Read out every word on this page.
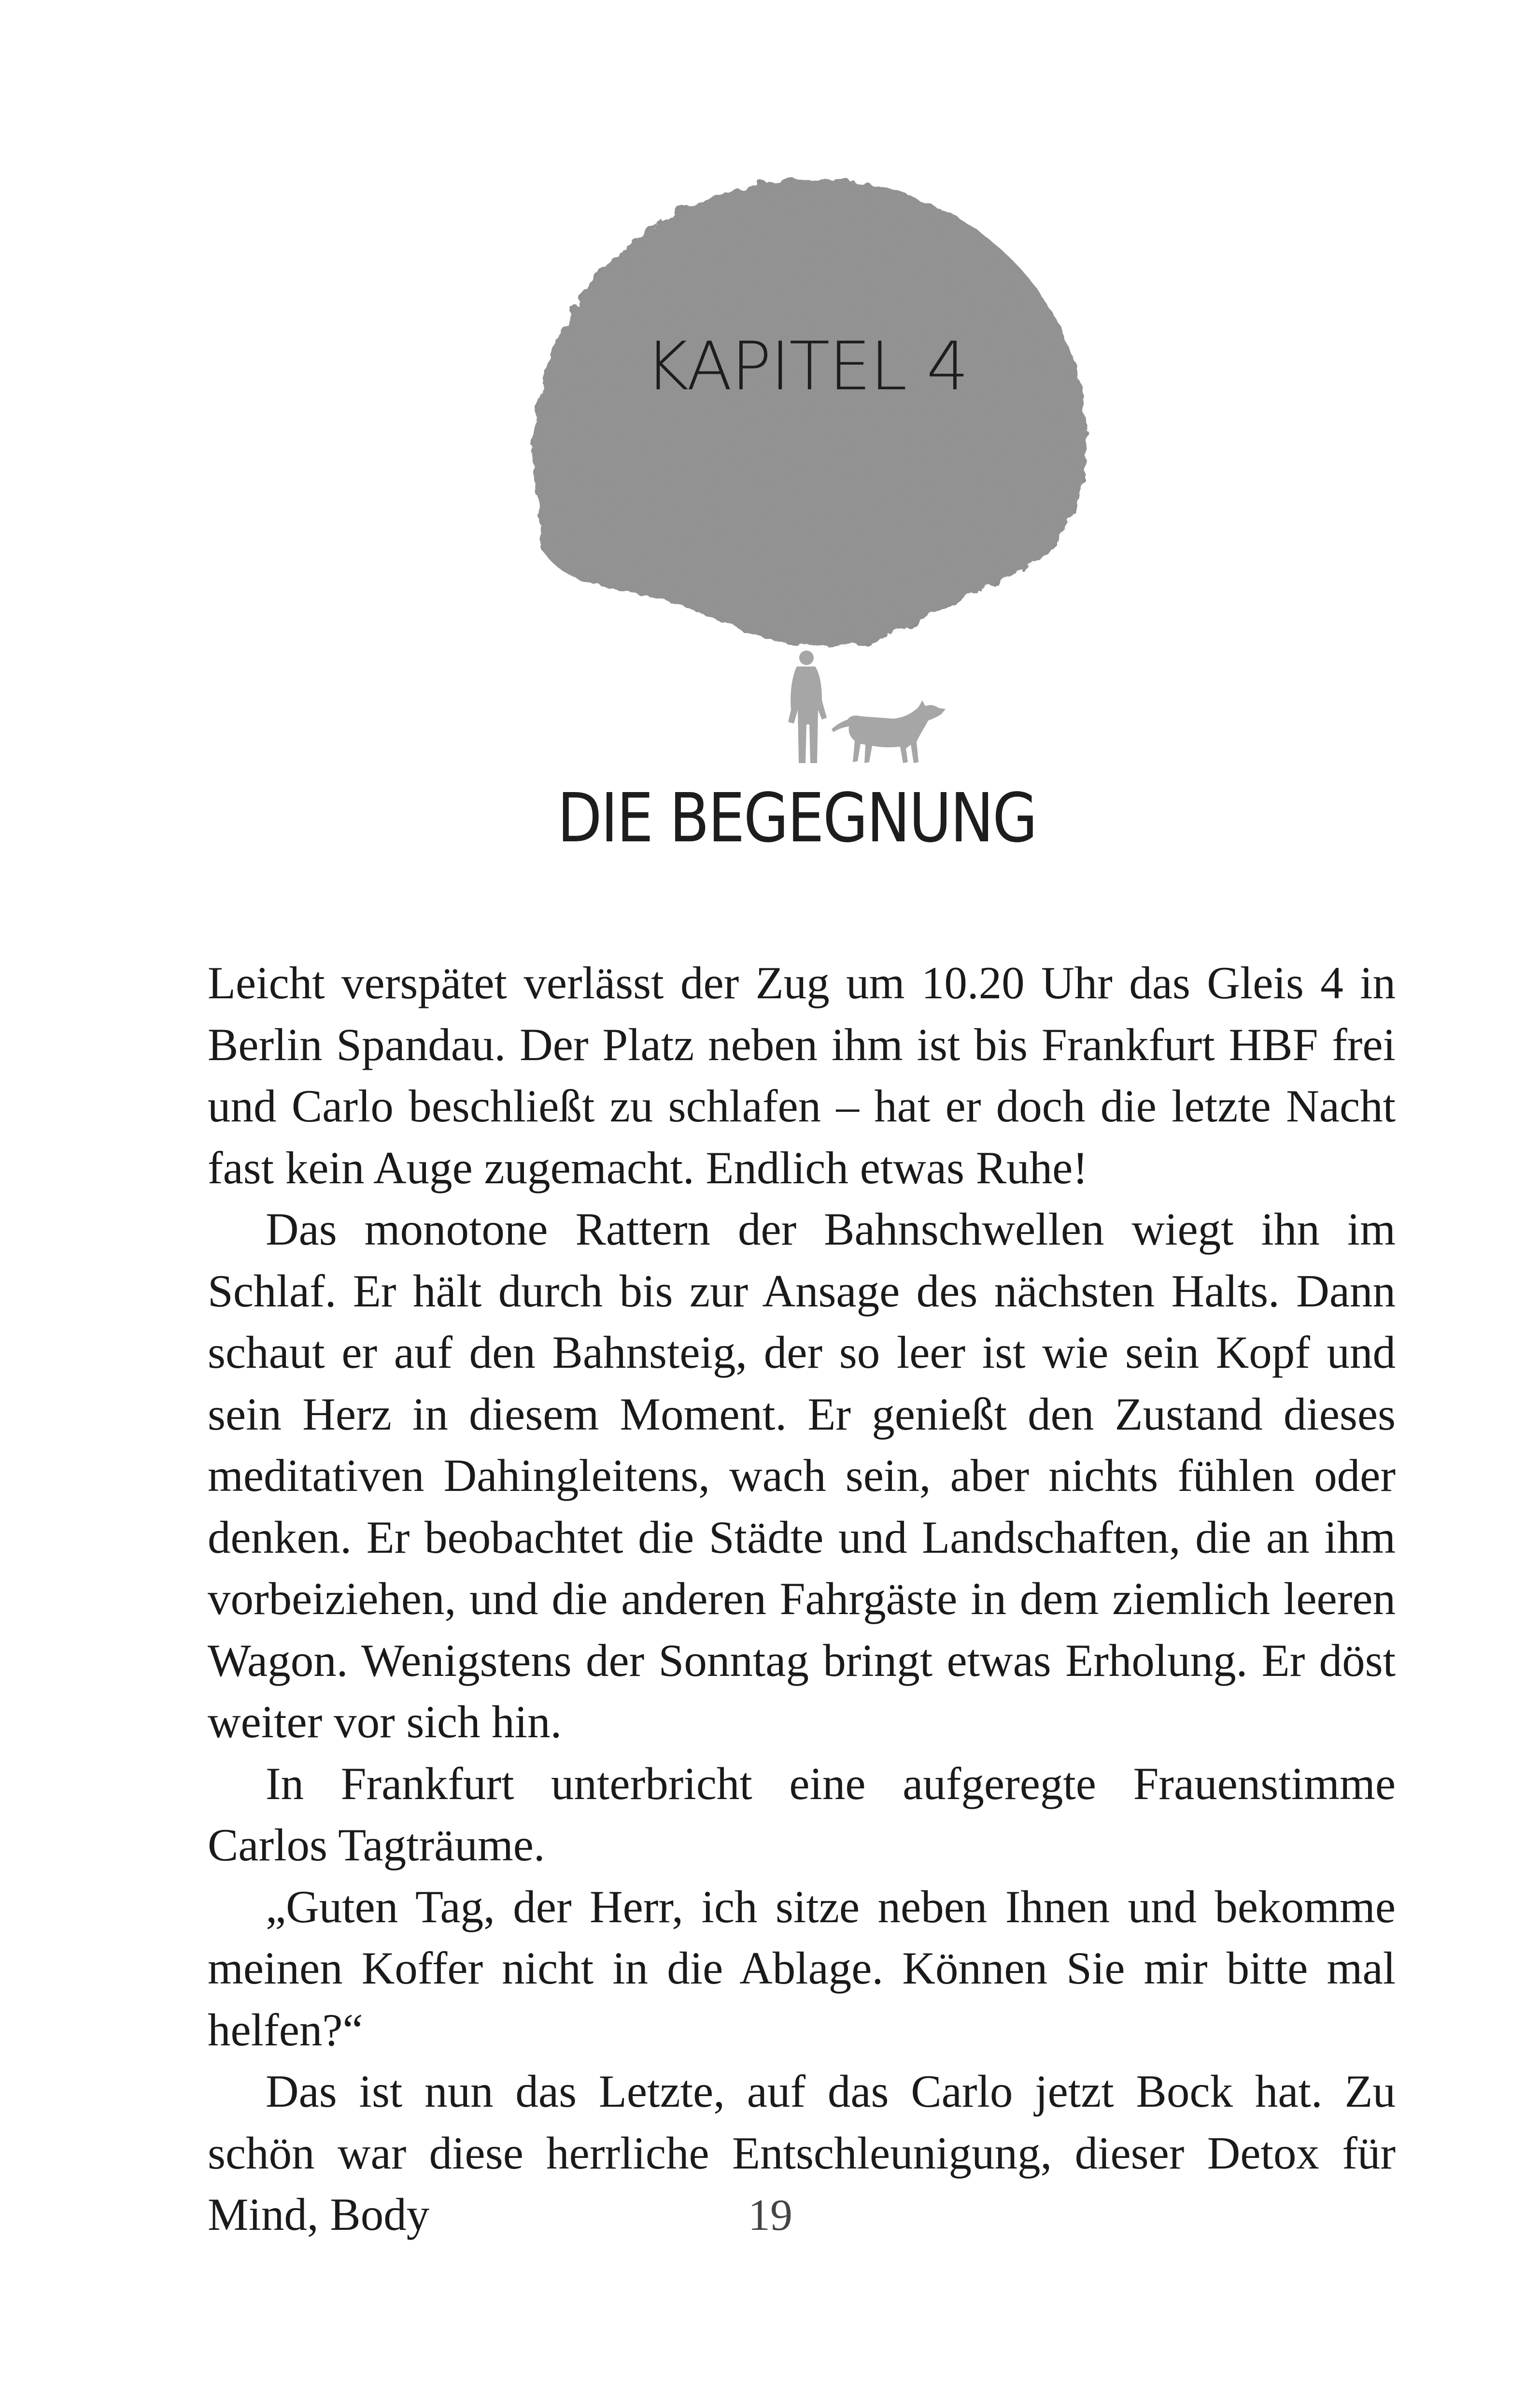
KAPITEL 4
DIE BEGEGNUNG

Leicht verspätet verlässt der Zug um 10.20 Uhr das Gleis 4 in Berlin Spandau. Der Platz neben ihm ist bis Frankfurt HBF frei und Carlo beschließt zu schlafen – hat er doch die letzte Nacht fast kein Auge zugemacht. Endlich etwas Ruhe!

Das monotone Rattern der Bahnschwellen wiegt ihn im Schlaf. Er hält durch bis zur Ansage des nächsten Halts. Dann schaut er auf den Bahnsteig, der so leer ist wie sein Kopf und sein Herz in diesem Moment. Er genießt den Zustand dieses meditativen Dahingleitens, wach sein, aber nichts fühlen oder denken. Er beobachtet die Städte und Landschaften, die an ihm vorbeiziehen, und die anderen Fahrgäste in dem ziemlich leeren Wagon. Wenigstens der Sonntag bringt etwas Erholung. Er döst weiter vor sich hin.

In Frankfurt unterbricht eine aufgeregte Frauenstimme Carlos Tagträume.

„Guten Tag, der Herr, ich sitze neben Ihnen und bekomme meinen Koffer nicht in die Ablage. Können Sie mir bitte mal helfen?“

Das ist nun das Letzte, auf das Carlo jetzt Bock hat. Zu schön war diese herrliche Entschleunigung, dieser Detox für Mind, Body	19
